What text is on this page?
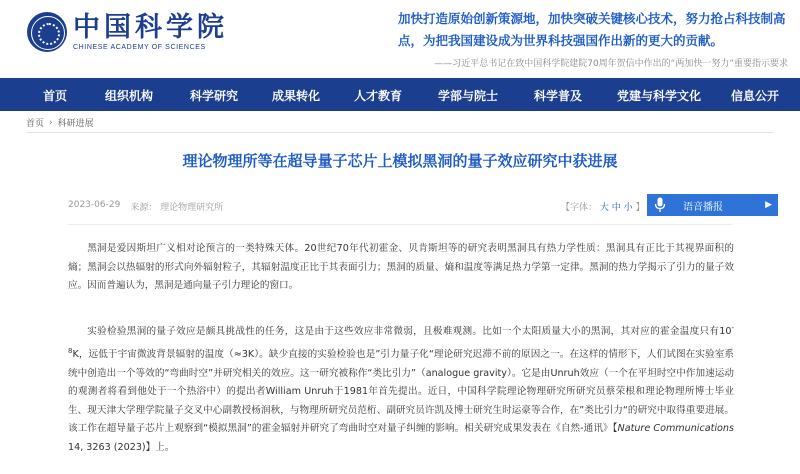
中国科学院
CHINESE ACADEMY OF SCIENCES
加快打造原始创新策源地，加快突破关键核心技术，努力抢占科技制高点，为把我国建设成为世界科技强国作出新的更大的贡献。
——习近平总书记在致中国科学院建院70周年贺信中作出的“两加快一努力”重要指示要求
首页	组织机构	科学研究	成果转化	人才教育	学部与院士	科学普及	党建与科学文化 信息公开
首页 › 科研进展
理论物理所等在超导量子芯片上模拟黑洞的量子效应研究中获进展
2023-06-29 来源： 理论物理研究所	【字体： 大 中 小 】	语音播报	▶

黑洞是爱因斯坦广义相对论预言的一类特殊天体。20世纪70年代初霍金、贝肯斯坦等的研究表明黑洞具有热力学性质：黑洞具有正比于其视界面积的熵；黑洞会以热辐射的形式向外辐射粒子，其辐射温度正比于其表面引力；黑洞的质量、熵和温度等满足热力学第一定律。黑洞的热力学揭示了引力的量子效应。因而普遍认为，黑洞是通向量子引力理论的窗口。

实验检验黑洞的量子效应是颇具挑战性的任务，这是由于这些效应非常微弱，且极难观测。比如一个太阳质量大小的黑洞，其对应的霍金温度只有$10^{-8}K$，远低于宇宙微波背景辐射的温度（≈3K）。缺少直接的实验检验也是”引力量子化“理论研究迟滞不前的原因之一。在这样的情形下，人们试图在实验室系统中创造出一个等效的“弯曲时空”并研究相关的效应。这一研究被称作“类比引力”（analogue gravity）。它是由Unruh效应（一个在平坦时空中作加速运动的观测者将看到他处于一个热浴中）的提出者William Unruh于1981年首先提出。近日，中国科学院理论物理研究所研究员蔡荣根和理论物理所博士毕业生、现天津大学理学院量子交叉中心副教授杨润秋，与物理所研究员范桁、副研究员许凯及博士研究生时运豪等合作，在”类比引力“的研究中取得重要进展。该工作在超导量子芯片上观察到“模拟黑洞”的霍金辐射并研究了弯曲时空对量子纠缠的影响。相关研究成果发表在《自然-通讯》【Nature Communications 14, 3263 (2023)】上。
